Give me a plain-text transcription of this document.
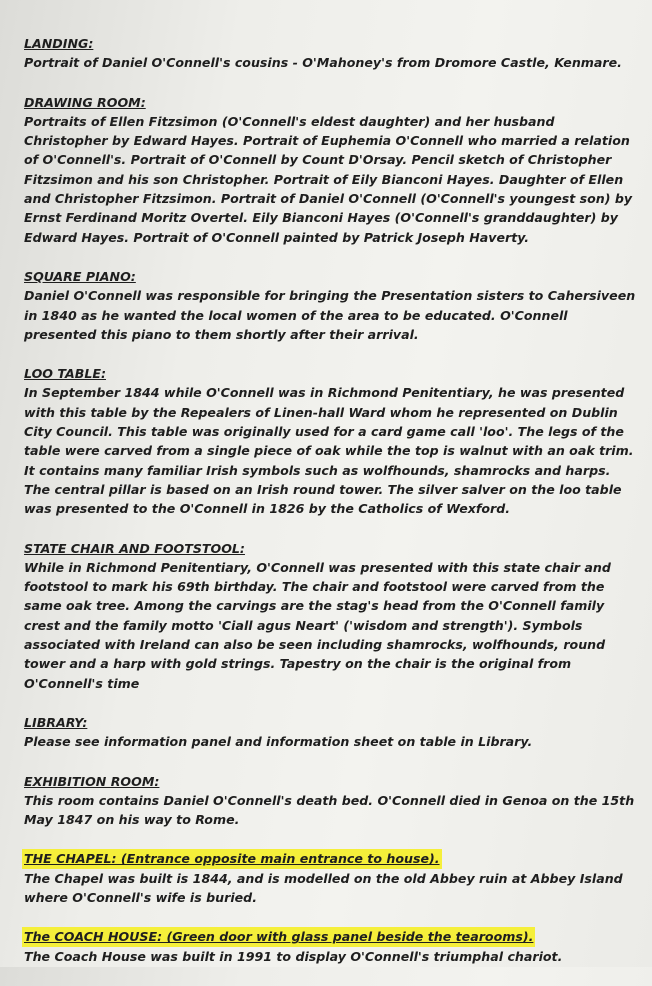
LANDING:
Portrait of Daniel O'Connell's cousins - O'Mahoney's from Dromore Castle, Kenmare.
DRAWING ROOM:
Portraits of Ellen Fitzsimon (O'Connell's eldest daughter) and her husband Christopher by Edward Hayes. Portrait of Euphemia O'Connell who married a relation of O'Connell's. Portrait of O'Connell by Count D'Orsay. Pencil sketch of Christopher Fitzsimon and his son Christopher. Portrait of Eily Bianconi Hayes. Daughter of Ellen and Christopher Fitzsimon. Portrait of Daniel O'Connell (O'Connell's youngest son) by Ernst Ferdinand Moritz Overtel. Eily Bianconi Hayes (O'Connell's granddaughter) by Edward Hayes. Portrait of O'Connell painted by Patrick Joseph Haverty.
SQUARE PIANO:
Daniel O'Connell was responsible for bringing the Presentation sisters to Cahersiveen in 1840 as he wanted the local women of the area to be educated. O'Connell presented this piano to them shortly after their arrival.
LOO TABLE:
In September 1844 while O'Connell was in Richmond Penitentiary, he was presented with this table by the Repealers of Linen-hall Ward whom he represented on Dublin City Council. This table was originally used for a card game call 'loo'. The legs of the table were carved from a single piece of oak while the top is walnut with an oak trim. It contains many familiar Irish symbols such as wolfhounds, shamrocks and harps. The central pillar is based on an Irish round tower. The silver salver on the loo table was presented to the O'Connell in 1826 by the Catholics of Wexford.
STATE CHAIR AND FOOTSTOOL:
While in Richmond Penitentiary, O'Connell was presented with this state chair and footstool to mark his 69th birthday. The chair and footstool were carved from the same oak tree. Among the carvings are the stag's head from the O'Connell family crest and the family motto 'Ciall agus Neart' ('wisdom and strength'). Symbols associated with Ireland can also be seen including shamrocks, wolfhounds, round tower and a harp with gold strings. Tapestry on the chair is the original from O'Connell's time
LIBRARY:
Please see information panel and information sheet on table in Library.
EXHIBITION ROOM:
This room contains Daniel O'Connell's death bed. O'Connell died in Genoa on the 15th May 1847 on his way to Rome.
THE CHAPEL: (Entrance opposite main entrance to house).
The Chapel was built is 1844, and is modelled on the old Abbey ruin at Abbey Island where O'Connell's wife is buried.
The COACH HOUSE: (Green door with glass panel beside the tearooms).
The Coach House was built in 1991 to display O'Connell's triumphal chariot.
